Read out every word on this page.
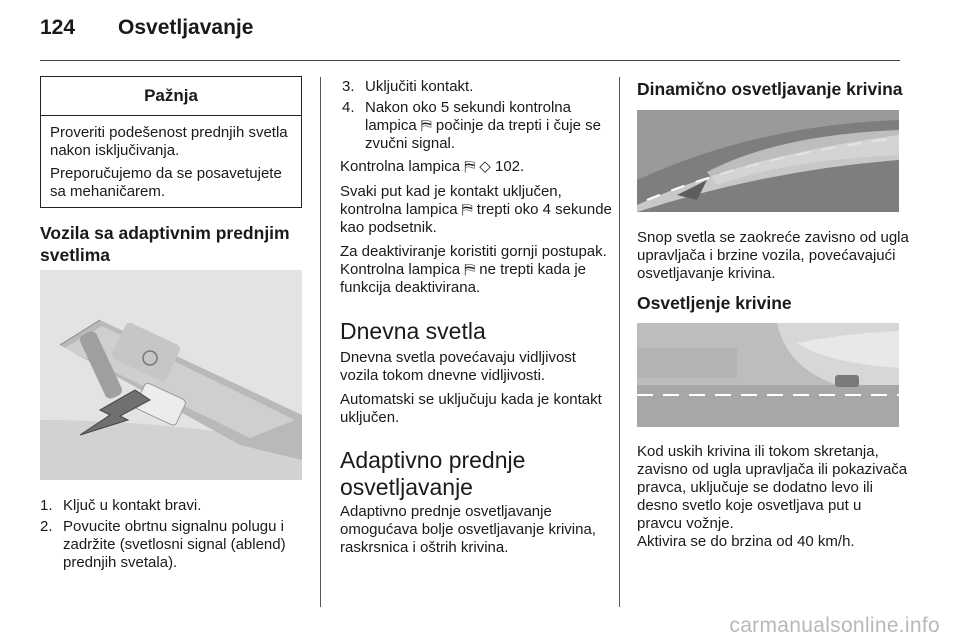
124 Osvetljavanje
Pažnja
Proveriti podešenost prednjih svetla nakon isključivanja.
Preporučujemo da se posavetujete sa mehaničarem.
Vozila sa adaptivnim prednjim svetlima
1. Ključ u kontakt bravi.
2. Povucite obrtnu signalnu polugu i zadržite (svetlosni signal (ablend) prednjih svetala).
3. Uključiti kontakt.
4. Nakon oko 5 sekundi kontrolna lampica ⛿ počinje da trepti i čuje se zvučni signal.
Kontrolna lampica ⛿ ◇ 102.
Svaki put kad je kontakt uključen, kontrolna lampica ⛿ trepti oko 4 sekunde kao podsetnik.
Za deaktiviranje koristiti gornji postupak. Kontrolna lampica ⛿ ne trepti kada je funkcija deaktivirana.
Dnevna svetla
Dnevna svetla povećavaju vidljivost vozila tokom dnevne vidljivosti.
Automatski se uključuju kada je kontakt uključen.
Adaptivno prednje osvetljavanje
Adaptivno prednje osvetljavanje omogućava bolje osvetljavanje krivina, raskrsnica i oštrih krivina.
Dinamično osvetljavanje krivina
Snop svetla se zaokreće zavisno od ugla upravljača i brzine vozila, povećavajući osvetljavanje krivina.
Osvetljenje krivine
Kod uskih krivina ili tokom skretanja, zavisno od ugla upravljača ili pokazivača pravca, uključuje se dodatno levo ili desno svetlo koje osvetljava put u pravcu vožnje.
Aktivira se do brzina od 40 km/h.
carmanualsonline.info
